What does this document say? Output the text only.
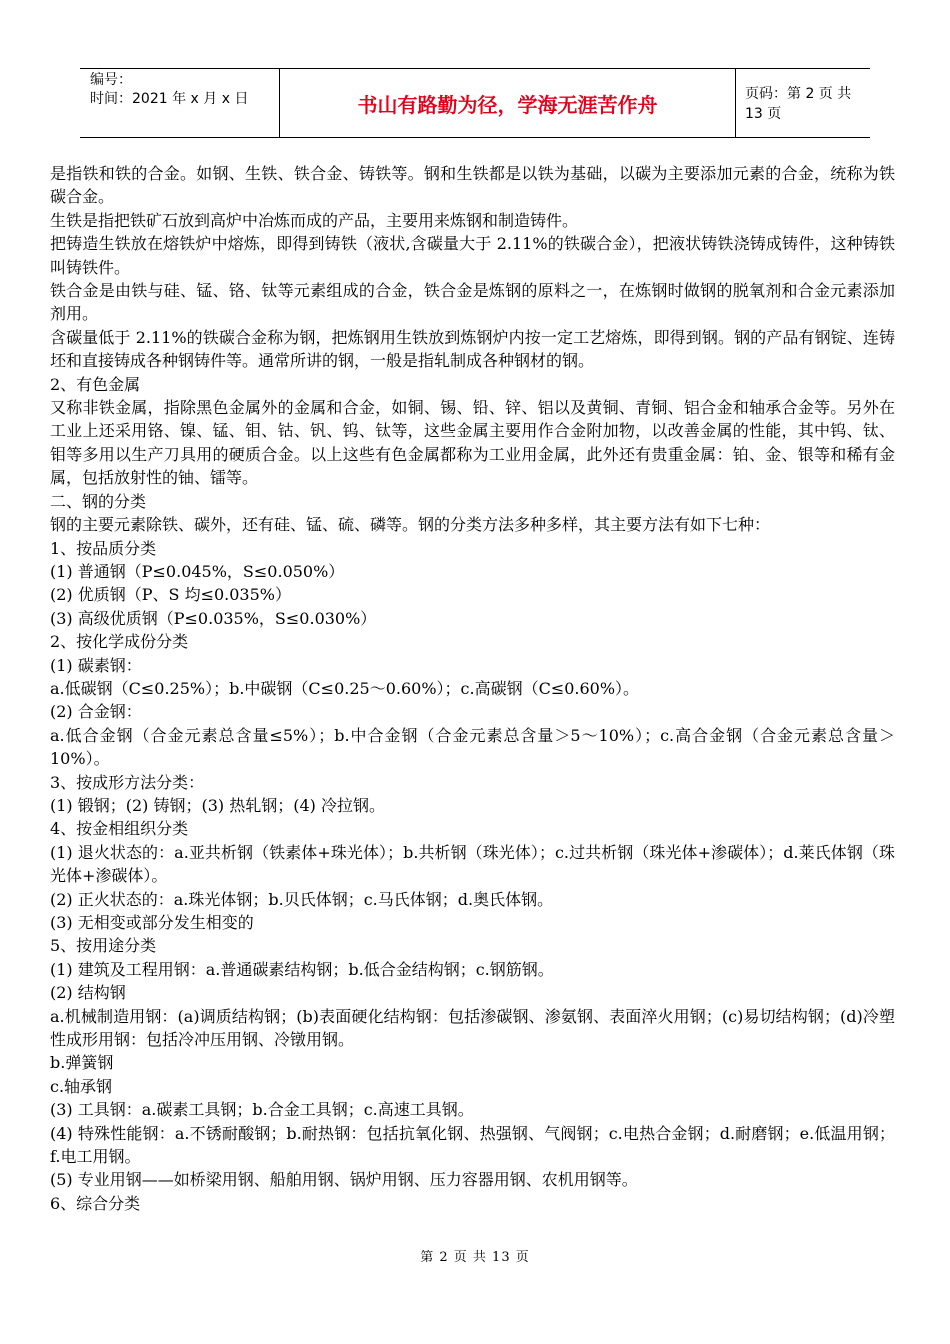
编号：
时间：2021 年 x 月 x 日	书山有路勤为径，学海无涯苦作舟	页码：第 2 页 共 13 页

是指铁和铁的合金。如钢、生铁、铁合金、铸铁等。钢和生铁都是以铁为基础，以碳为主要添加元素的合金，统称为铁碳合金。

生铁是指把铁矿石放到高炉中冶炼而成的产品，主要用来炼钢和制造铸件。

把铸造生铁放在熔铁炉中熔炼，即得到铸铁（液状,含碳量大于 2.11%的铁碳合金），把液状铸铁浇铸成铸件，这种铸铁叫铸铁件。

铁合金是由铁与硅、锰、铬、钛等元素组成的合金，铁合金是炼钢的原料之一，在炼钢时做钢的脱氧剂和合金元素添加剂用。

含碳量低于 2.11%的铁碳合金称为钢，把炼钢用生铁放到炼钢炉内按一定工艺熔炼，即得到钢。钢的产品有钢锭、连铸坯和直接铸成各种钢铸件等。通常所讲的钢，一般是指轧制成各种钢材的钢。

2、有色金属

又称非铁金属，指除黑色金属外的金属和合金，如铜、锡、铅、锌、铝以及黄铜、青铜、铝合金和轴承合金等。另外在工业上还采用铬、镍、锰、钼、钴、钒、钨、钛等，这些金属主要用作合金附加物，以改善金属的性能，其中钨、钛、钼等多用以生产刀具用的硬质合金。以上这些有色金属都称为工业用金属，此外还有贵重金属：铂、金、银等和稀有金属，包括放射性的铀、镭等。

二、钢的分类

钢的主要元素除铁、碳外，还有硅、锰、硫、磷等。钢的分类方法多种多样，其主要方法有如下七种：

1、按品质分类

(1) 普通钢（P≤0.045%，S≤0.050%）

(2) 优质钢（P、S 均≤0.035%）

(3) 高级优质钢（P≤0.035%，S≤0.030%）

2、按化学成份分类

(1) 碳素钢：

a.低碳钢（C≤0.25%）；b.中碳钢（C≤0.25～0.60%）；c.高碳钢（C≤0.60%）。

(2) 合金钢：

a.低合金钢（合金元素总含量≤5%）；b.中合金钢（合金元素总含量＞5～10%）；c.高合金钢（合金元素总含量＞10%）。

3、按成形方法分类：

(1) 锻钢；(2) 铸钢；(3) 热轧钢；(4) 冷拉钢。

4、按金相组织分类

(1) 退火状态的：a.亚共析钢（铁素体+珠光体）；b.共析钢（珠光体）；c.过共析钢（珠光体+渗碳体）；d.莱氏体钢（珠光体+渗碳体）。

(2) 正火状态的：a.珠光体钢；b.贝氏体钢；c.马氏体钢；d.奥氏体钢。

(3) 无相变或部分发生相变的

5、按用途分类

(1) 建筑及工程用钢：a.普通碳素结构钢；b.低合金结构钢；c.钢筋钢。

(2) 结构钢

a.机械制造用钢：(a)调质结构钢；(b)表面硬化结构钢：包括渗碳钢、渗氨钢、表面淬火用钢；(c)易切结构钢；(d)冷塑性成形用钢：包括冷冲压用钢、冷镦用钢。

b.弹簧钢

c.轴承钢

(3) 工具钢：a.碳素工具钢；b.合金工具钢；c.高速工具钢。

(4) 特殊性能钢：a.不锈耐酸钢；b.耐热钢：包括抗氧化钢、热强钢、气阀钢；c.电热合金钢；d.耐磨钢；e.低温用钢；f.电工用钢。

(5) 专业用钢——如桥梁用钢、船舶用钢、锅炉用钢、压力容器用钢、农机用钢等。

6、综合分类

第 2 页 共 13 页
